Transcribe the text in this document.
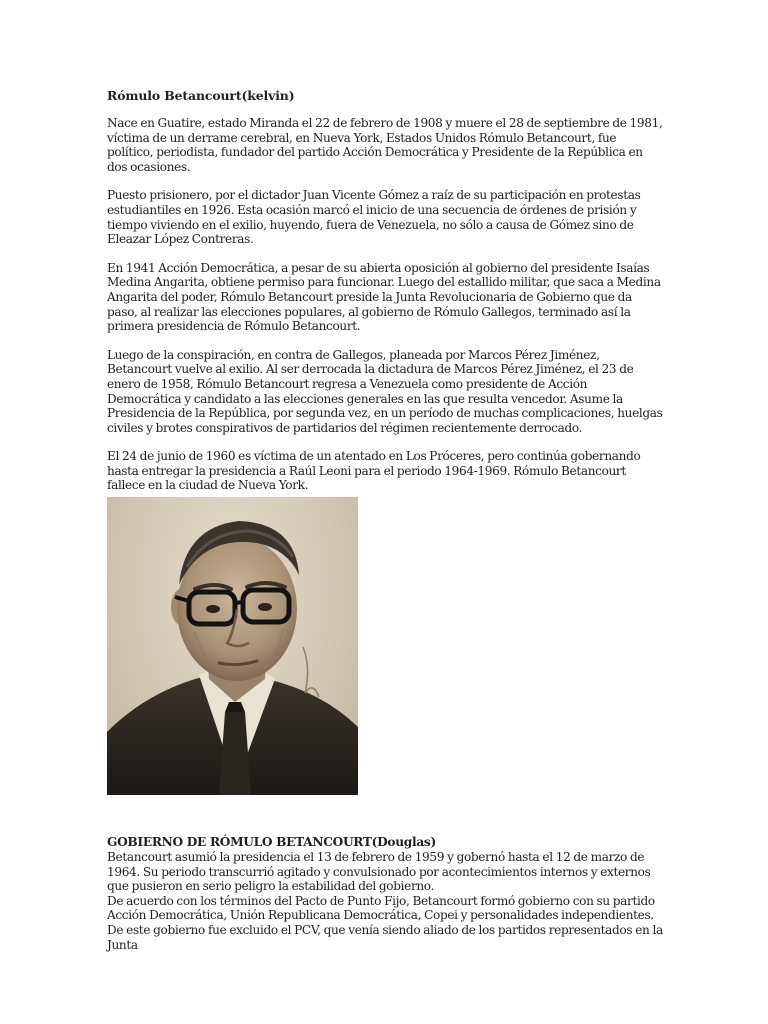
Rómulo Betancourt(kelvin)

Nace en Guatire, estado Miranda el 22 de febrero de 1908 y muere el 28 de septiembre de 1981, víctima de un derrame cerebral, en Nueva York, Estados Unidos Rómulo Betancourt, fue político, periodista, fundador del partido Acción Democrática y Presidente de la República en dos ocasiones.

Puesto prisionero, por el dictador Juan Vicente Gómez a raíz de su participación en protestas estudiantiles en 1926. Esta ocasión marcó el inicio de una secuencia de órdenes de prisión y tiempo viviendo en el exilio, huyendo, fuera de Venezuela, no sólo a causa de Gómez sino de Eleazar López Contreras.

En 1941 Acción Democrática, a pesar de su abierta oposición al gobierno del presidente Isaías Medina Angarita, obtiene permiso para funcionar. Luego del estallido militar, que saca a Medina Angarita del poder, Rómulo Betancourt preside la Junta Revolucionaria de Gobierno que da paso, al realizar las elecciones populares, al gobierno de Rómulo Gallegos, terminado así la primera presidencia de Rómulo Betancourt.

Luego de la conspiración, en contra de Gallegos, planeada por Marcos Pérez Jiménez, Betancourt vuelve al exilio. Al ser derrocada la dictadura de Marcos Pérez Jiménez, el 23 de enero de 1958, Rómulo Betancourt regresa a Venezuela como presidente de Acción Democrática y candidato a las elecciones generales en las que resulta vencedor. Asume la Presidencia de la República, por segunda vez, en un período de muchas complicaciones, huelgas civiles y brotes conspirativos de partidarios del régimen recientemente derrocado.

El 24 de junio de 1960 es víctima de un atentado en Los Próceres, pero continúa gobernando hasta entregar la presidencia a Raúl Leoni para el periodo 1964-1969. Rómulo Betancourt fallece en la ciudad de Nueva York.

GOBIERNO DE RÓMULO BETANCOURT(Douglas)

Betancourt asumió la presidencia el 13 de febrero de 1959 y gobernó hasta el 12 de marzo de 1964. Su periodo transcurrió agitado y convulsionado por acontecimientos internos y externos que pusieron en serio peligro la estabilidad del gobierno.

De acuerdo con los términos del Pacto de Punto Fijo, Betancourt formó gobierno con su partido Acción Democrática, Unión Republicana Democrática, Copei y personalidades independientes. De este gobierno fue excluido el PCV, que venía siendo aliado de los partidos representados en la Junta
